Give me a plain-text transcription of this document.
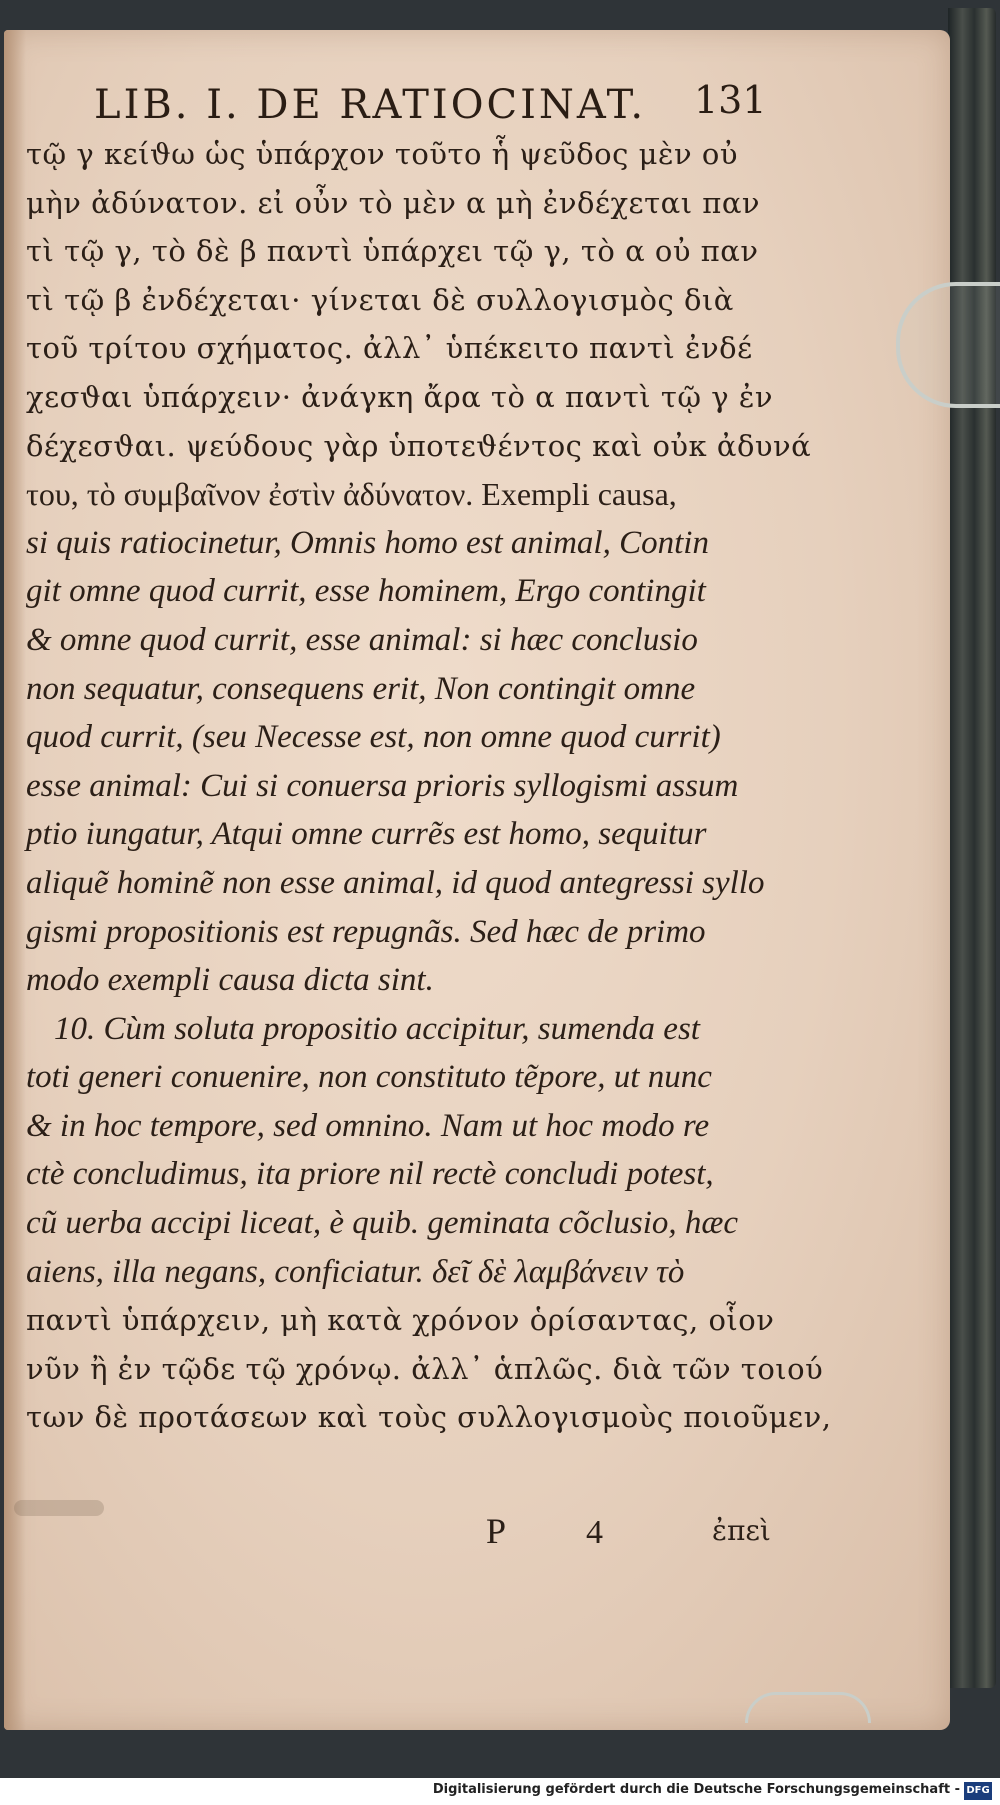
LIB. I. DE RATIOCINAT.	131
τῷ γ κείϑω ὡς ὑπάρχον τοῦτο ἧ ψεῦδος μὲν οὐ
μὴν ἀδύνατον. εἰ οὖν τὸ μὲν α μὴ ἐνδέχεται παν
τὶ τῷ γ, τὸ δὲ β παντὶ ὑπάρχει τῷ γ, τὸ α οὐ παν
τὶ τῷ β ἐνδέχεται· γίνεται δὲ συλλογισμὸς διὰ
τοῦ τρίτου σχήματος. ἀλλ᾽ ὑπέκειτο παντὶ ἐνδέ
χεσϑαι ὑπάρχειν· ἀνάγκη ἄρα τὸ α παντὶ τῷ γ ἐν
δέχεσϑαι. ψεύδους γὰρ ὑποτεϑέντος καὶ οὐκ ἀδυνά
του, τὸ συμβαῖνον ἐστὶν ἀδύνατον. Exempli causa,
si quis ratiocinetur, Omnis homo est animal, Contin
git omne quod currit, esse hominem, Ergo contingit
& omne quod currit, esse animal: si hæc conclusio
non sequatur, consequens erit, Non contingit omne
quod currit, (seu Necesse est, non omne quod currit)
esse animal: Cui si conuersa prioris syllogismi assum
ptio iungatur, Atqui omne currẽs est homo, sequitur
aliquẽ hominẽ non esse animal, id quod antegressi syllo
gismi propositionis est repugnãs. Sed hæc de primo
modo exempli causa dicta sint.
10. Cùm soluta propositio accipitur, sumenda est
toti generi conuenire, non constituto tẽpore, ut nunc
& in hoc tempore, sed omnino. Nam ut hoc modo re
ctè concludimus, ita priore nil rectè concludi potest,
cũ uerba accipi liceat, è quib. geminata cõclusio, hæc
aiens, illa negans, conficiatur. δεῖ δὲ λαμβάνειν τὸ
παντὶ ὑπάρχειν, μὴ κατὰ χρόνον ὁρίσαντας, οἷον
νῦν ἢ ἐν τῷδε τῷ χρόνῳ. ἀλλ᾽ ἁπλῶς. διὰ τῶν τοιού
των δὲ προτάσεων καὶ τοὺς συλλογισμοὺς ποιοῦμεν,
P 4	ἐπεὶ
Digitalisierung gefördert durch die Deutsche Forschungsgemeinschaft - DFG
